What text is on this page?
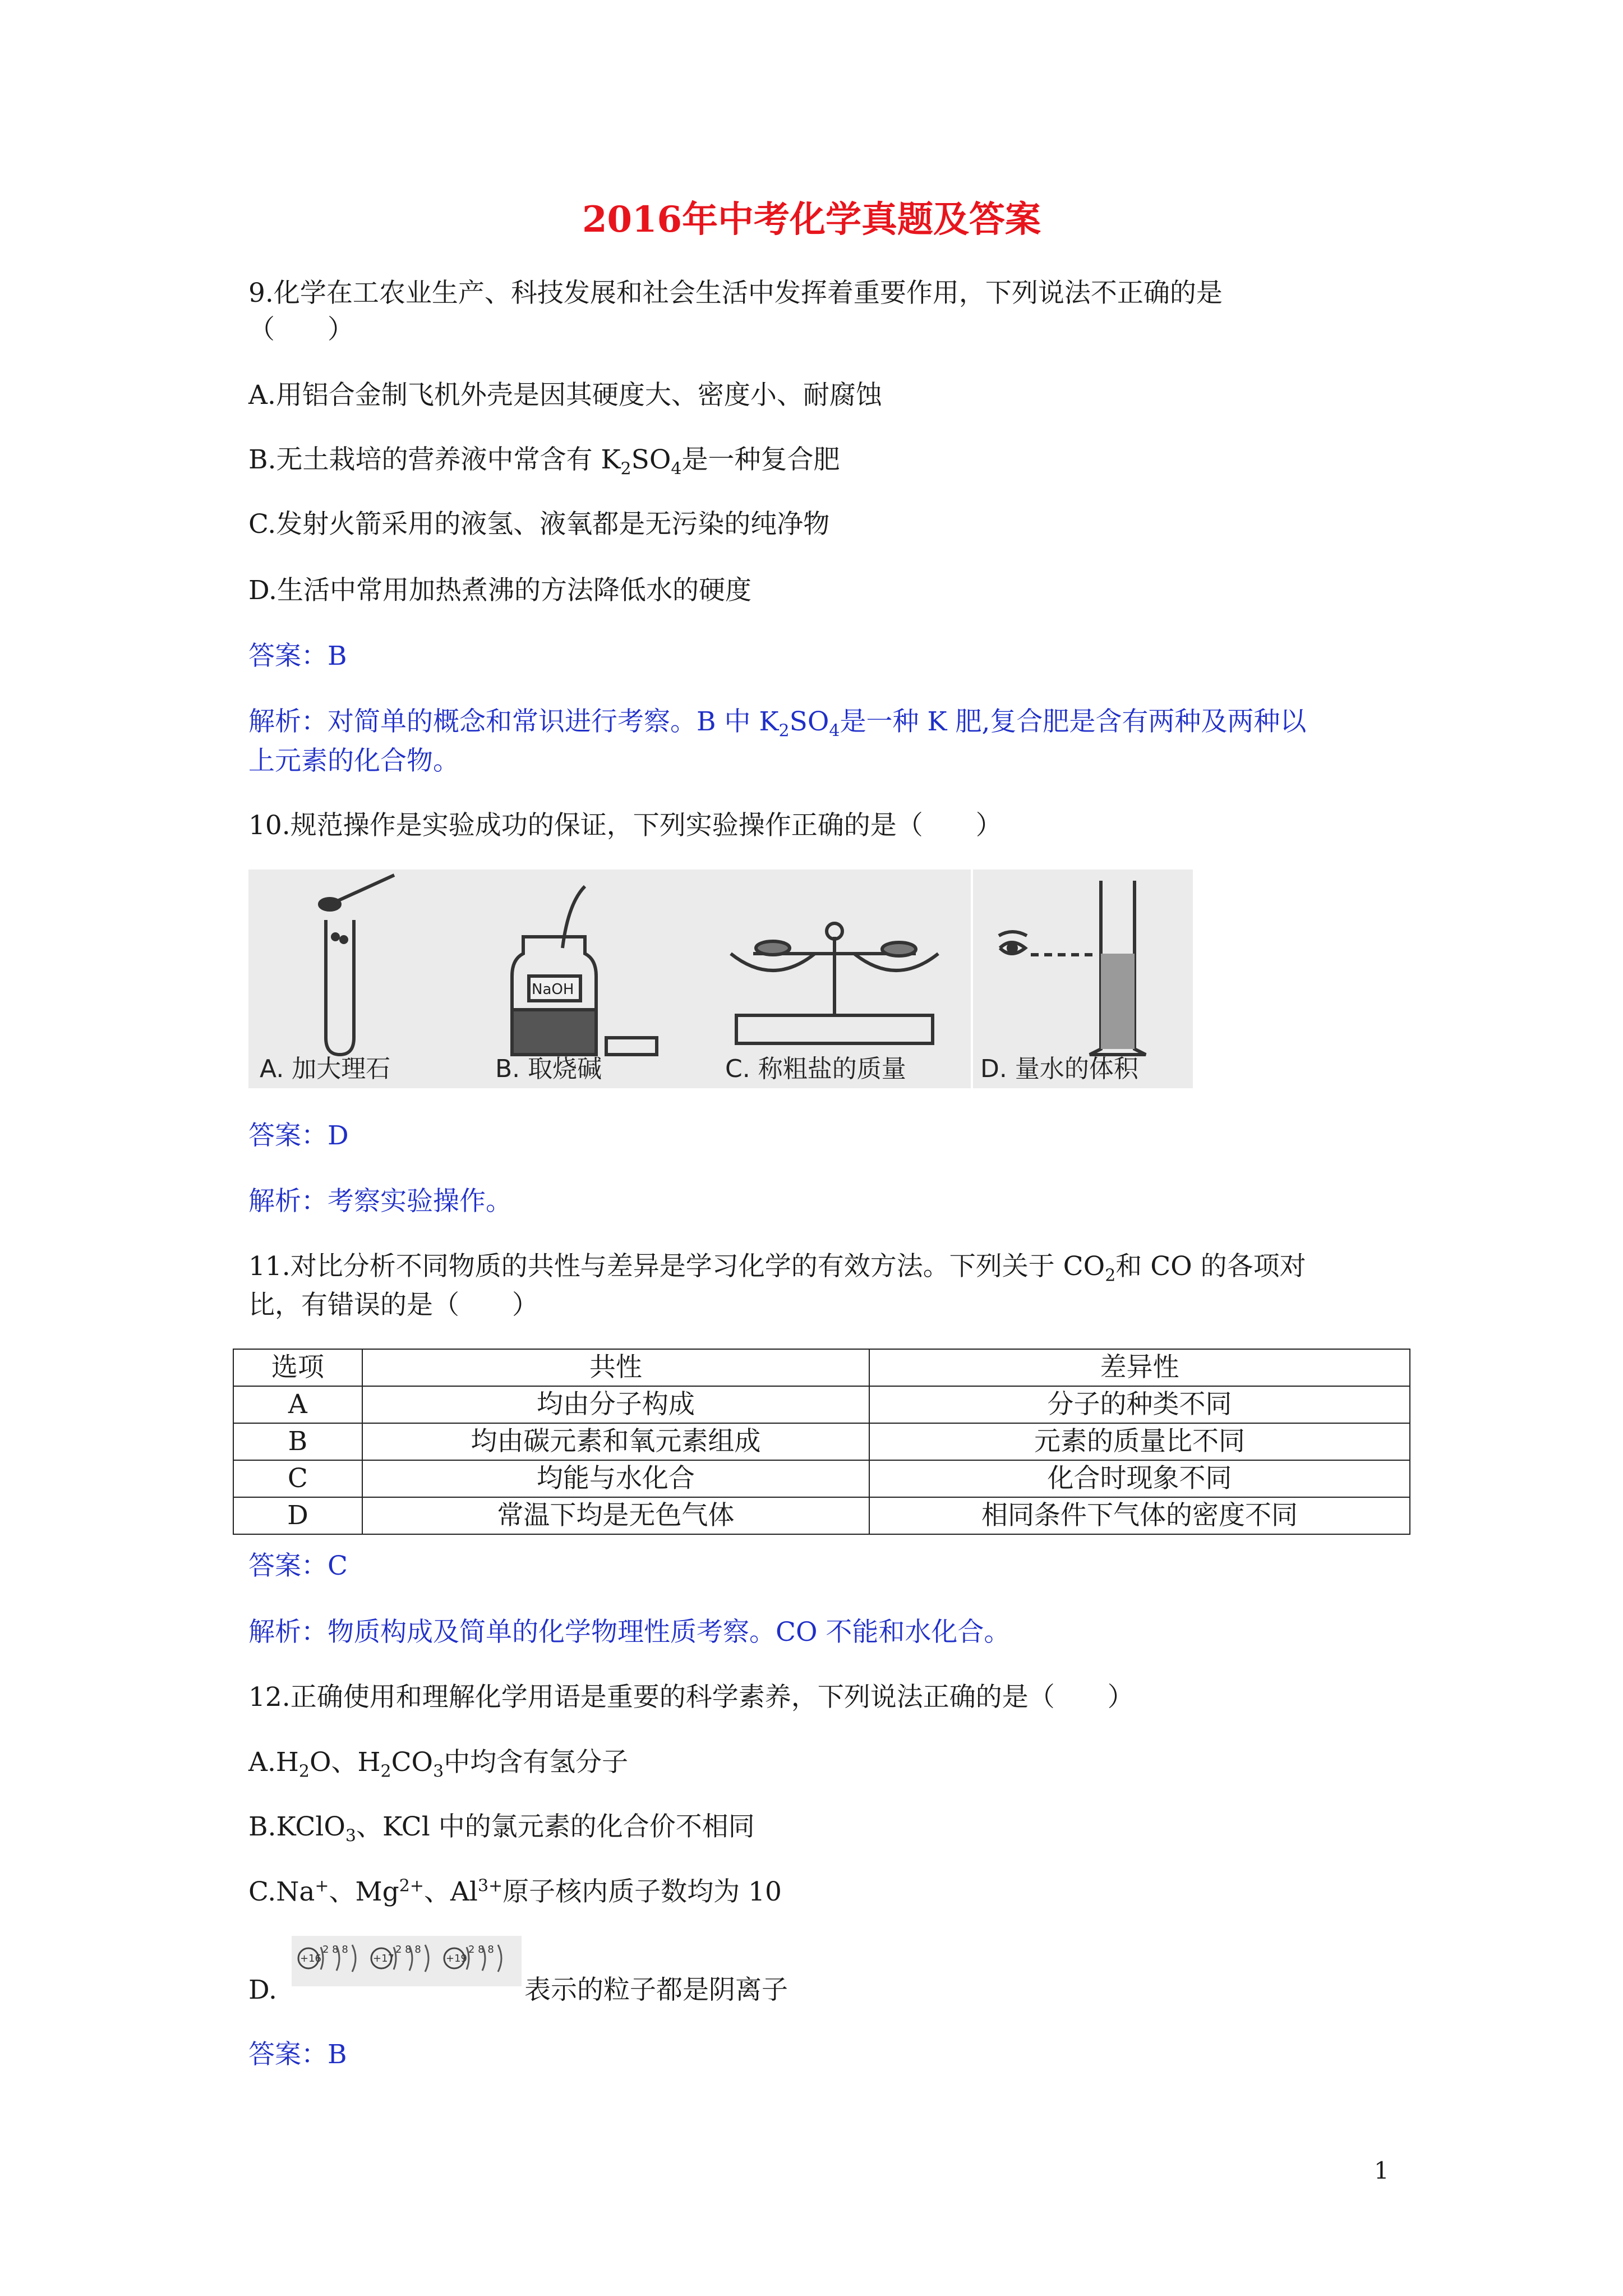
2016年中考化学真题及答案
9.化学在工农业生产、科技发展和社会生活中发挥着重要作用，下列说法不正确的是
（　　）
A.用铝合金制飞机外壳是因其硬度大、密度小、耐腐蚀
B.无土栽培的营养液中常含有 $K_2SO_4$是一种复合肥
C.发射火箭采用的液氢、液氧都是无污染的纯净物
D.生活中常用加热煮沸的方法降低水的硬度
答案：B
解析：对简单的概念和常识进行考察。B 中 $K_2SO_4$是一种 K 肥,复合肥是含有两种及两种以
上元素的化合物。
10.规范操作是实验成功的保证，下列实验操作正确的是（　　）
A. 加大理石
NaOH
B. 取烧碱	C. 称粗盐的质量	D. 量水的体积
答案：D
解析：考察实验操作。
11.对比分析不同物质的共性与差异是学习化学的有效方法。下列关于 $CO_2$和 CO 的各项对
比，有错误的是（　　）
选项	共性	差异性
A	均由分子构成	分子的种类不同
B	均由碳元素和氧元素组成	元素的质量比不同
C	均能与水化合	化合时现象不同
D	常温下均是无色气体	相同条件下气体的密度不同
答案：C
解析：物质构成及简单的化学物理性质考察。CO 不能和水化合。
12.正确使用和理解化学用语是重要的科学素养，下列说法正确的是（　　）
$A.H_2O$、$H_2CO_3$中均含有氢分子
B.KClO$_3$、KCl 中的氯元素的化合价不相同
C.Na+、$Mg^{2+}$、$Al^{3+}$原子核内质子数均为 10
D.
+16
2 8 8
+17
2 8 8
+19
2 8 8
表示的粒子都是阴离子
答案：B
1
